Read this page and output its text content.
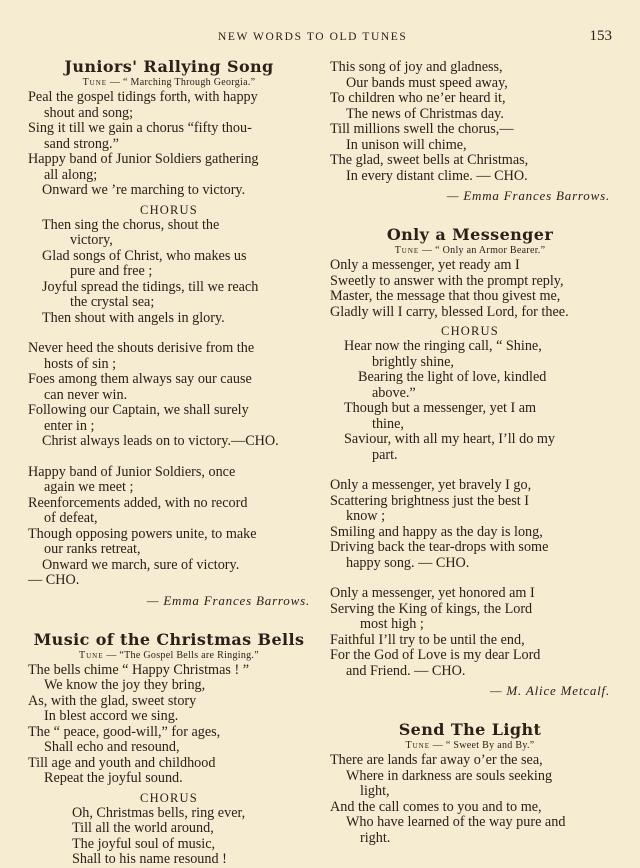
NEW WORDS TO OLD TUNES	153
Juniors' Rallying Song
Tune — “ Marching Through Georgia.”
Peal the gospel tidings forth, with happy
shout and song;
Sing it till we gain a chorus “fifty thou-
sand strong.”
Happy band of Junior Soldiers gathering
all along;
Onward we ’re marching to victory.
CHORUS
Then sing the chorus, shout the
victory,
Glad songs of Christ, who makes us
pure and free ;
Joyful spread the tidings, till we reach
the crystal sea;
Then shout with angels in glory.
Never heed the shouts derisive from the
hosts of sin ;
Foes among them always say our cause
can never win.
Following our Captain, we shall surely
enter in ;
Christ always leads on to victory.—CHO.
Happy band of Junior Soldiers, once
again we meet ;
Reenforcements added, with no record
of defeat,
Though opposing powers unite, to make
our ranks retreat,
Onward we march, sure of victory.
— CHO.
— Emma Frances Barrows.
Music of the Christmas Bells
Tune — “The Gospel Bells are Ringing.”
The bells chime “ Happy Christmas ! ”
We know the joy they bring,
As, with the glad, sweet story
In blest accord we sing.
The “ peace, good-will,” for ages,
Shall echo and resound,
Till age and youth and childhood
Repeat the joyful sound.
CHORUS
Oh, Christmas bells, ring ever,
Till all the world around,
The joyful soul of music,
Shall to his name resound !
This song of joy and gladness,
Our bands must speed away,
To children who ne’er heard it,
The news of Christmas day.
Till millions swell the chorus,—
In unison will chime,
The glad, sweet bells at Christmas,
In every distant clime. — CHO.
— Emma Frances Barrows.
Only a Messenger
Tune — “ Only an Armor Bearer.”
Only a messenger, yet ready am I
Sweetly to answer with the prompt reply,
Master, the message that thou givest me,
Gladly will I carry, blessed Lord, for thee.
CHORUS
Hear now the ringing call, “ Shine,
brightly shine,
Bearing the light of love, kindled
above.”
Though but a messenger, yet I am
thine,
Saviour, with all my heart, I’ll do my
part.
Only a messenger, yet bravely I go,
Scattering brightness just the best I
know ;
Smiling and happy as the day is long,
Driving back the tear-drops with some
happy song. — CHO.
Only a messenger, yet honored am I
Serving the King of kings, the Lord
most high ;
Faithful I’ll try to be until the end,
For the God of Love is my dear Lord
and Friend. — CHO.
— M. Alice Metcalf.
Send The Light
Tune — “ Sweet By and By.”
There are lands far away o’er the sea,
Where in darkness are souls seeking
light,
And the call comes to you and to me,
Who have learned of the way pure and
right.
